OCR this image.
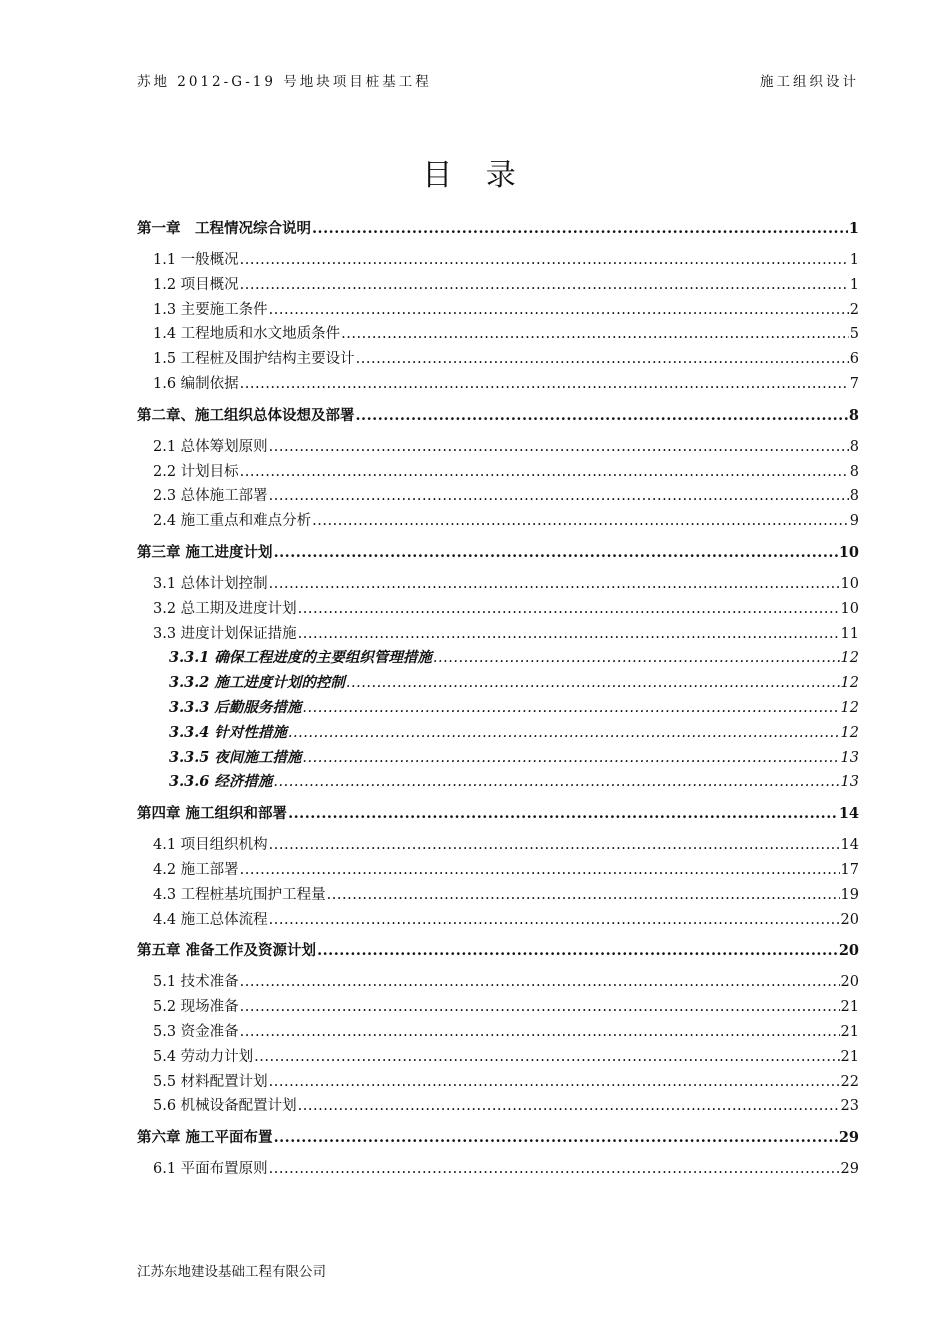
苏地 2012-G-19 号地块项目桩基工程	施工组织设计
目 录
第一章　工程情况综合说明 .....	1
1.1 一般概况 .....	1
1.2 项目概况 .....	1
1.3 主要施工条件 .....	2
1.4 工程地质和水文地质条件 .....	5
1.5 工程桩及围护结构主要设计 .....	6
1.6 编制依据 .....	7
第二章、施工组织总体设想及部署 .....	8
2.1 总体筹划原则 .....	8
2.2 计划目标 .....	8
2.3 总体施工部署 .....	8
2.4 施工重点和难点分析 .....	9
第三章 施工进度计划 .....	10
3.1 总体计划控制 .....	10
3.2 总工期及进度计划 .....	10
3.3 进度计划保证措施 .....	11
3.3.1 确保工程进度的主要组织管理措施 .....	12
3.3.2 施工进度计划的控制 .....	12
3.3.3 后勤服务措施 .....	12
3.3.4 针对性措施 .....	12
3.3.5 夜间施工措施 .....	13
3.3.6 经济措施 .....	13
第四章 施工组织和部署 .....	14
4.1 项目组织机构 .....	14
4.2 施工部署 .....	17
4.3 工程桩基坑围护工程量 .....	19
4.4 施工总体流程 .....	20
第五章 准备工作及资源计划 .....	20
5.1 技术准备 .....	20
5.2 现场准备 .....	21
5.3 资金准备 .....	21
5.4 劳动力计划 .....	21
5.5 材料配置计划 .....	22
5.6 机械设备配置计划 .....	23
第六章 施工平面布置 .....	29
6.1 平面布置原则 .....	29
江苏东地建设基础工程有限公司
